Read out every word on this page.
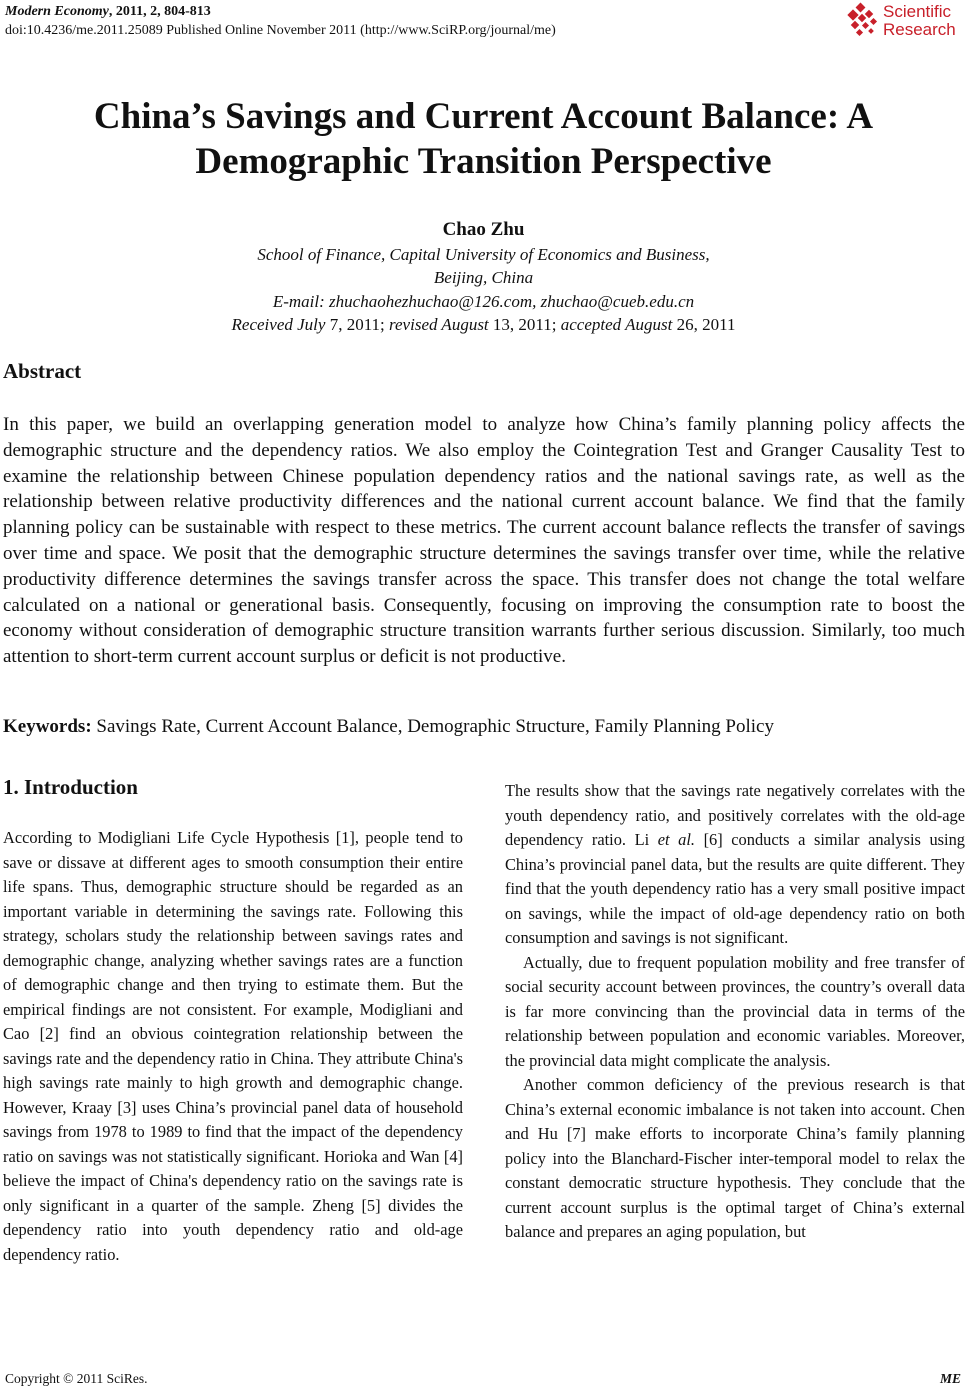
Modern Economy, 2011, 2, 804-813
doi:10.4236/me.2011.25089 Published Online November 2011 (http://www.SciRP.org/journal/me)
Scientific
Research
China’s Savings and Current Account Balance: A
Demographic Transition Perspective
Chao Zhu
School of Finance, Capital University of Economics and Business,
Beijing, China
E-mail: zhuchaohezhuchao@126.com, zhuchao@cueb.edu.cn
Received July 7, 2011; revised August 13, 2011; accepted August 26, 2011
Abstract
In this paper, we build an overlapping generation model to analyze how China’s family planning policy affects the demographic structure and the dependency ratios. We also employ the Cointegration Test and Granger Causality Test to examine the relationship between Chinese population dependency ratios and the national savings rate, as well as the relationship between relative productivity differences and the national current account balance. We find that the family planning policy can be sustainable with respect to these metrics. The current account balance reflects the transfer of savings over time and space. We posit that the demographic structure determines the savings transfer over time, while the relative productivity difference determines the savings transfer across the space. This transfer does not change the total welfare calculated on a national or generational basis. Consequently, focusing on improving the consumption rate to boost the economy without consideration of demographic structure transition warrants further serious discussion. Similarly, too much attention to short-term current account surplus or deficit is not productive.
Keywords: Savings Rate, Current Account Balance, Demographic Structure, Family Planning Policy
1. Introduction
According to Modigliani Life Cycle Hypothesis [1], people tend to save or dissave at different ages to smooth consumption their entire life spans. Thus, demographic structure should be regarded as an important variable in determining the savings rate. Following this strategy, scholars study the relationship between savings rates and demographic change, analyzing whether savings rates are a function of demographic change and then trying to estimate them. But the empirical findings are not consistent. For example, Modigliani and Cao [2] find an obvious cointegration relationship between the savings rate and the dependency ratio in China. They attribute China's high savings rate mainly to high growth and demographic change. However, Kraay [3] uses China’s provincial panel data of household savings from 1978 to 1989 to find that the impact of the dependency ratio on savings was not statistically significant. Horioka and Wan [4] believe the impact of China's dependency ratio on the savings rate is only significant in a quarter of the sample. Zheng [5] divides the dependency ratio into youth dependency ratio and old-age dependency ratio.

The results show that the savings rate negatively correlates with the youth dependency ratio, and positively correlates with the old-age dependency ratio. Li et al. [6] conducts a similar analysis using China’s provincial panel data, but the results are quite different. They find that the youth dependency ratio has a very small positive impact on savings, while the impact of old-age dependency ratio on both consumption and savings is not significant.

Actually, due to frequent population mobility and free transfer of social security account between provinces, the country’s overall data is far more convincing than the provincial data in terms of the relationship between population and economic variables. Moreover, the provincial data might complicate the analysis.

Another common deficiency of the previous research is that China’s external economic imbalance is not taken into account. Chen and Hu [7] make efforts to incorporate China’s family planning policy into the Blanchard-Fischer inter-temporal model to relax the constant democratic structure hypothesis. They conclude that the current account surplus is the optimal target of China’s external balance and prepares an aging population, but

Copyright © 2011 SciRes.	ME
